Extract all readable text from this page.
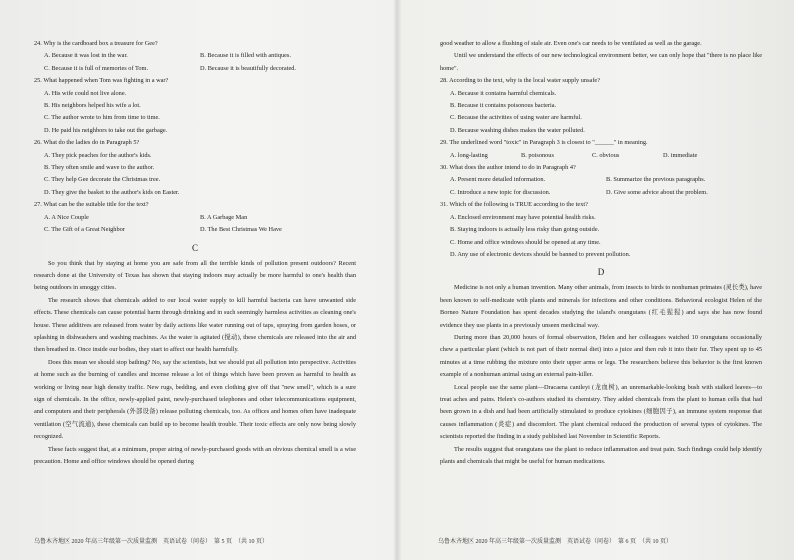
24. Why is the cardboard box a treasure for Gee?

A. Because it was lost in the war.	B. Because it is filled with antiques.
C. Because it is full of memories of Tom.	D. Because it is beautifully decorated.

25. What happened when Tom was fighting in a war?

A. His wife could not live alone.

B. His neighbors helped his wife a lot.

C. The author wrote to him from time to time.

D. He paid his neighbors to take out the garbage.

26. What do the ladies do in Paragraph 5?

A. They pick peaches for the author's kids.

B. They often smile and wave to the author.

C. They help Gee decorate the Christmas tree.

D. They give the basket to the author's kids on Easter.

27. What can be the suitable title for the text?

A. A Nice Couple	B. A Garbage Man
C. The Gift of a Great Neighbor	D. The Best Christmas We Have
C

So you think that by staying at home you are safe from all the terrible kinds of pollution present outdoors? Recent research done at the University of Texas has shown that staying indoors may actually be more harmful to one's health than being outdoors in smoggy cities.

The research shows that chemicals added to our local water supply to kill harmful bacteria can have unwanted side effects. These chemicals can cause potential harm through drinking and in such seemingly harmless activities as cleaning one's house. These additives are released from water by daily actions like water running out of taps, spraying from garden hoses, or splashing in dishwashers and washing machines. As the water is agitated (搅动), these chemicals are released into the air and then breathed in. Once inside our bodies, they start to affect our health harmfully.

Does this mean we should stop bathing? No, say the scientists, but we should put all pollution into perspective. Activities at home such as the burning of candles and incense release a lot of things which have been proven as harmful to health as working or living near high density traffic. New rugs, bedding, and even clothing give off that "new smell", which is a sure sign of chemicals. In the office, newly-applied paint, newly-purchased telephones and other telecommunications equipment, and computers and their peripherals (外部设备) release polluting chemicals, too. As offices and homes often have inadequate ventilation (空气流通), these chemicals can build up to become health trouble. Their toxic effects are only now being slowly recognized.

These facts suggest that, at a minimum, proper airing of newly-purchased goods with an obvious chemical smell is a wise precaution. Home and office windows should be opened during

good weather to allow a flushing of stale air. Even one's car needs to be ventilated as well as the garage.

Until we understand the effects of our new technological environment better, we can only hope that "there is no place like home".

28. According to the text, why is the local water supply unsafe?

A. Because it contains harmful chemicals.

B. Because it contains poisonous bacteria.

C. Because the activities of using water are harmful.

D. Because washing dishes makes the water polluted.

29. The underlined word "toxic" in Paragraph 3 is closest to "______" in meaning.

A. long-lasting	B. poisonous	C. obvious	D. immediate

30. What does the author intend to do in Paragraph 4?

A. Present more detailed information.	B. Summarize the previous paragraphs.
C. Introduce a new topic for discussion.	D. Give some advice about the problem.

31. Which of the following is TRUE according to the text?

A. Enclosed environment may have potential health risks.

B. Staying indoors is actually less risky than going outside.

C. Home and office windows should be opened at any time.

D. Any use of electronic devices should be banned to prevent pollution.

D

Medicine is not only a human invention. Many other animals, from insects to birds to nonhuman primates (灵长类), have been known to self-medicate with plants and minerals for infections and other conditions. Behavioral ecologist Helen of the Borneo Nature Foundation has spent decades studying the island's orangutans (红毛猩猩) and says she has now found evidence they use plants in a previously unseen medicinal way.

During more than 20,000 hours of formal observation, Helen and her colleagues watched 10 orangutans occasionally chew a particular plant (which is not part of their normal diet) into a juice and then rub it into their fur. They spent up to 45 minutes at a time rubbing the mixture onto their upper arms or legs. The researchers believe this behavior is the first known example of a nonhuman animal using an external pain-killer.

Local people use the same plant—Dracaena cantleyi (龙血树), an unremarkable-looking bush with stalked leaves—to treat aches and pains. Helen's co-authors studied its chemistry. They added chemicals from the plant to human cells that had been grown in a dish and had been artificially stimulated to produce cytokines (细胞因子), an immune system response that causes inflammation (炎症) and discomfort. The plant chemical reduced the production of several types of cytokines. The scientists reported the finding in a study published last November in Scientific Reports.

The results suggest that orangutans use the plant to reduce inflammation and treat pain. Such findings could help identify plants and chemicals that might be useful for human medications.

乌鲁木齐地区 2020 年高三年级第一次质量监测　英语试卷（问卷）　第 5 页　（共 10 页）	乌鲁木齐地区 2020 年高三年级第一次质量监测　英语试卷（问卷）　第 6 页　（共 10 页）
